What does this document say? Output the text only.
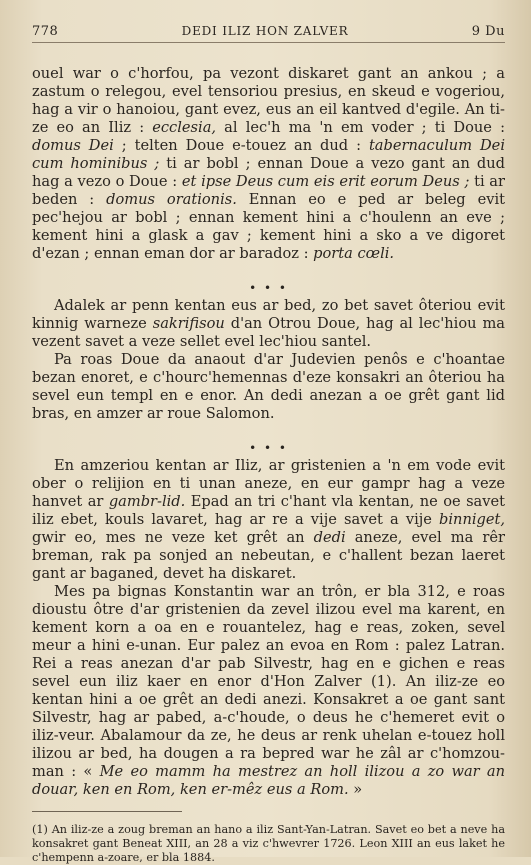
778	DEDI ILIZ HON ZALVER	9 Du

ouel war o c'horfou, pa vezont diskaret gant an ankou ; a zastum o relegou, evel tensoriou presius, en skeud e vogeriou, hag a vir o hanoiou, gant evez, eus an eil kantved d'egile. An ti-ze eo an Iliz : ecclesia, al lec'h ma 'n em voder ; ti Doue : domus Dei ; telten Doue e-touez an dud : tabernaculum Dei cum hominibus ; ti ar bobl ; ennan Doue a vezo gant an dud hag a vezo o Doue : et ipse Deus cum eis erit eorum Deus ; ti ar beden : domus orationis. Ennan eo e ped ar beleg evit pec'hejou ar bobl ; ennan kement hini a c'houlenn an eve ; kement hini a glask a gav ; kement hini a sko a ve digoret d'ezan ; ennan eman dor ar baradoz : porta cœli.

• • •

Adalek ar penn kentan eus ar bed, zo bet savet ôteriou evit kinnig warneze sakrifisou d'an Otrou Doue, hag al lec'hiou ma vezent savet a veze sellet evel lec'hiou santel.

Pa roas Doue da anaout d'ar Judevien penôs e c'hoantae bezan enoret, e c'hourc'hemennas d'eze konsakri an ôteriou ha sevel eun templ en e enor. An dedi anezan a oe grêt gant lid bras, en amzer ar roue Salomon.

• • •

En amzeriou kentan ar Iliz, ar gristenien a 'n em vode evit ober o relijion en ti unan aneze, en eur gampr hag a veze hanvet ar gambr-lid. Epad an tri c'hant vla kentan, ne oe savet iliz ebet, kouls lavaret, hag ar re a vije savet a vije binniget, gwir eo, mes ne veze ket grêt an dedi aneze, evel ma rêr breman, rak pa sonjed an nebeutan, e c'hallent bezan laeret gant ar baganed, devet ha diskaret.

Mes pa bignas Konstantin war an trôn, er bla 312, e roas dioustu ôtre d'ar gristenien da zevel ilizou evel ma karent, en kement korn a oa en e rouantelez, hag e reas, zoken, sevel meur a hini e-unan. Eur palez an evoa en Rom : palez Latran. Rei a reas anezan d'ar pab Silvestr, hag en e gichen e reas sevel eun iliz kaer en enor d'Hon Zalver (1). An iliz-ze eo kentan hini a oe grêt an dedi anezi. Konsakret a oe gant sant Silvestr, hag ar pabed, a-c'houde, o deus he c'hemeret evit o iliz-veur. Abalamour da ze, he deus ar renk uhelan e-touez holl ilizou ar bed, ha dougen a ra bepred war he zâl ar c'homzou-man : « Me eo mamm ha mestrez an holl ilizou a zo war an douar, ken en Rom, ken er-mêz eus a Rom. »

(1) An iliz-ze a zoug breman an hano a iliz Sant-Yan-Latran. Savet eo bet a neve ha konsakret gant Beneat XIII, an 28 a viz c'hwevrer 1726. Leon XIII an eus laket he c'hempenn a-zoare, er bla 1884.
